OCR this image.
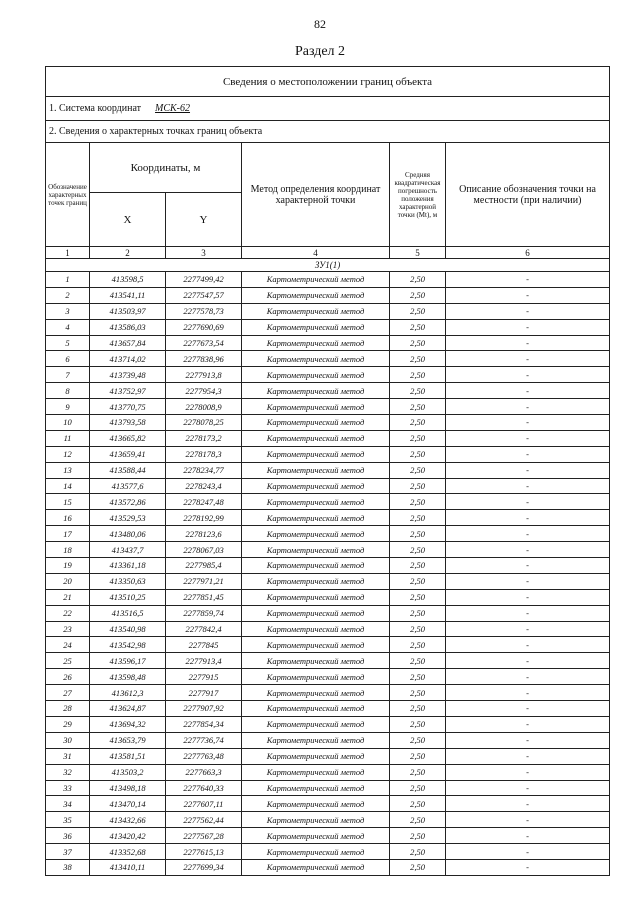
82
Раздел 2
Сведения о местоположении границ объекта					
1. Система координат МСК-62					
2. Сведения о характерных точках границ объекта					
Обозначение характерных точек границ	Координаты, м		Метод определения координат характерной точки	Средняя квадратическая погрешность положения характерной точки (Mt), м	Описание обозначения точки на местности (при наличии)
	X	Y			
1	2	3	4	5	6
ЗУ1(1)					
1	413598,5	2277499,42	Картометрический метод	2,50	-
2	413541,11	2277547,57	Картометрический метод	2,50	-
3	413503,97	2277578,73	Картометрический метод	2,50	-
4	413586,03	2277690,69	Картометрический метод	2,50	-
5	413657,84	2277673,54	Картометрический метод	2,50	-
6	413714,02	2277838,96	Картометрический метод	2,50	-
7	413739,48	2277913,8	Картометрический метод	2,50	-
8	413752,97	2277954,3	Картометрический метод	2,50	-
9	413770,75	2278008,9	Картометрический метод	2,50	-
10	413793,58	2278078,25	Картометрический метод	2,50	-
11	413665,82	2278173,2	Картометрический метод	2,50	-
12	413659,41	2278178,3	Картометрический метод	2,50	-
13	413588,44	2278234,77	Картометрический метод	2,50	-
14	413577,6	2278243,4	Картометрический метод	2,50	-
15	413572,86	2278247,48	Картометрический метод	2,50	-
16	413529,53	2278192,99	Картометрический метод	2,50	-
17	413480,06	2278123,6	Картометрический метод	2,50	-
18	413437,7	2278067,03	Картометрический метод	2,50	-
19	413361,18	2277985,4	Картометрический метод	2,50	-
20	413350,63	2277971,21	Картометрический метод	2,50	-
21	413510,25	2277851,45	Картометрический метод	2,50	-
22	413516,5	2277859,74	Картометрический метод	2,50	-
23	413540,98	2277842,4	Картометрический метод	2,50	-
24	413542,98	2277845	Картометрический метод	2,50	-
25	413596,17	2277913,4	Картометрический метод	2,50	-
26	413598,48	2277915	Картометрический метод	2,50	-
27	413612,3	2277917	Картометрический метод	2,50	-
28	413624,87	2277907,92	Картометрический метод	2,50	-
29	413694,32	2277854,34	Картометрический метод	2,50	-
30	413653,79	2277736,74	Картометрический метод	2,50	-
31	413581,51	2277763,48	Картометрический метод	2,50	-
32	413503,2	2277663,3	Картометрический метод	2,50	-
33	413498,18	2277640,33	Картометрический метод	2,50	-
34	413470,14	2277607,11	Картометрический метод	2,50	-
35	413432,66	2277562,44	Картометрический метод	2,50	-
36	413420,42	2277567,28	Картометрический метод	2,50	-
37	413352,68	2277615,13	Картометрический метод	2,50	-
38	413410,11	2277699,34	Картометрический метод	2,50	-
